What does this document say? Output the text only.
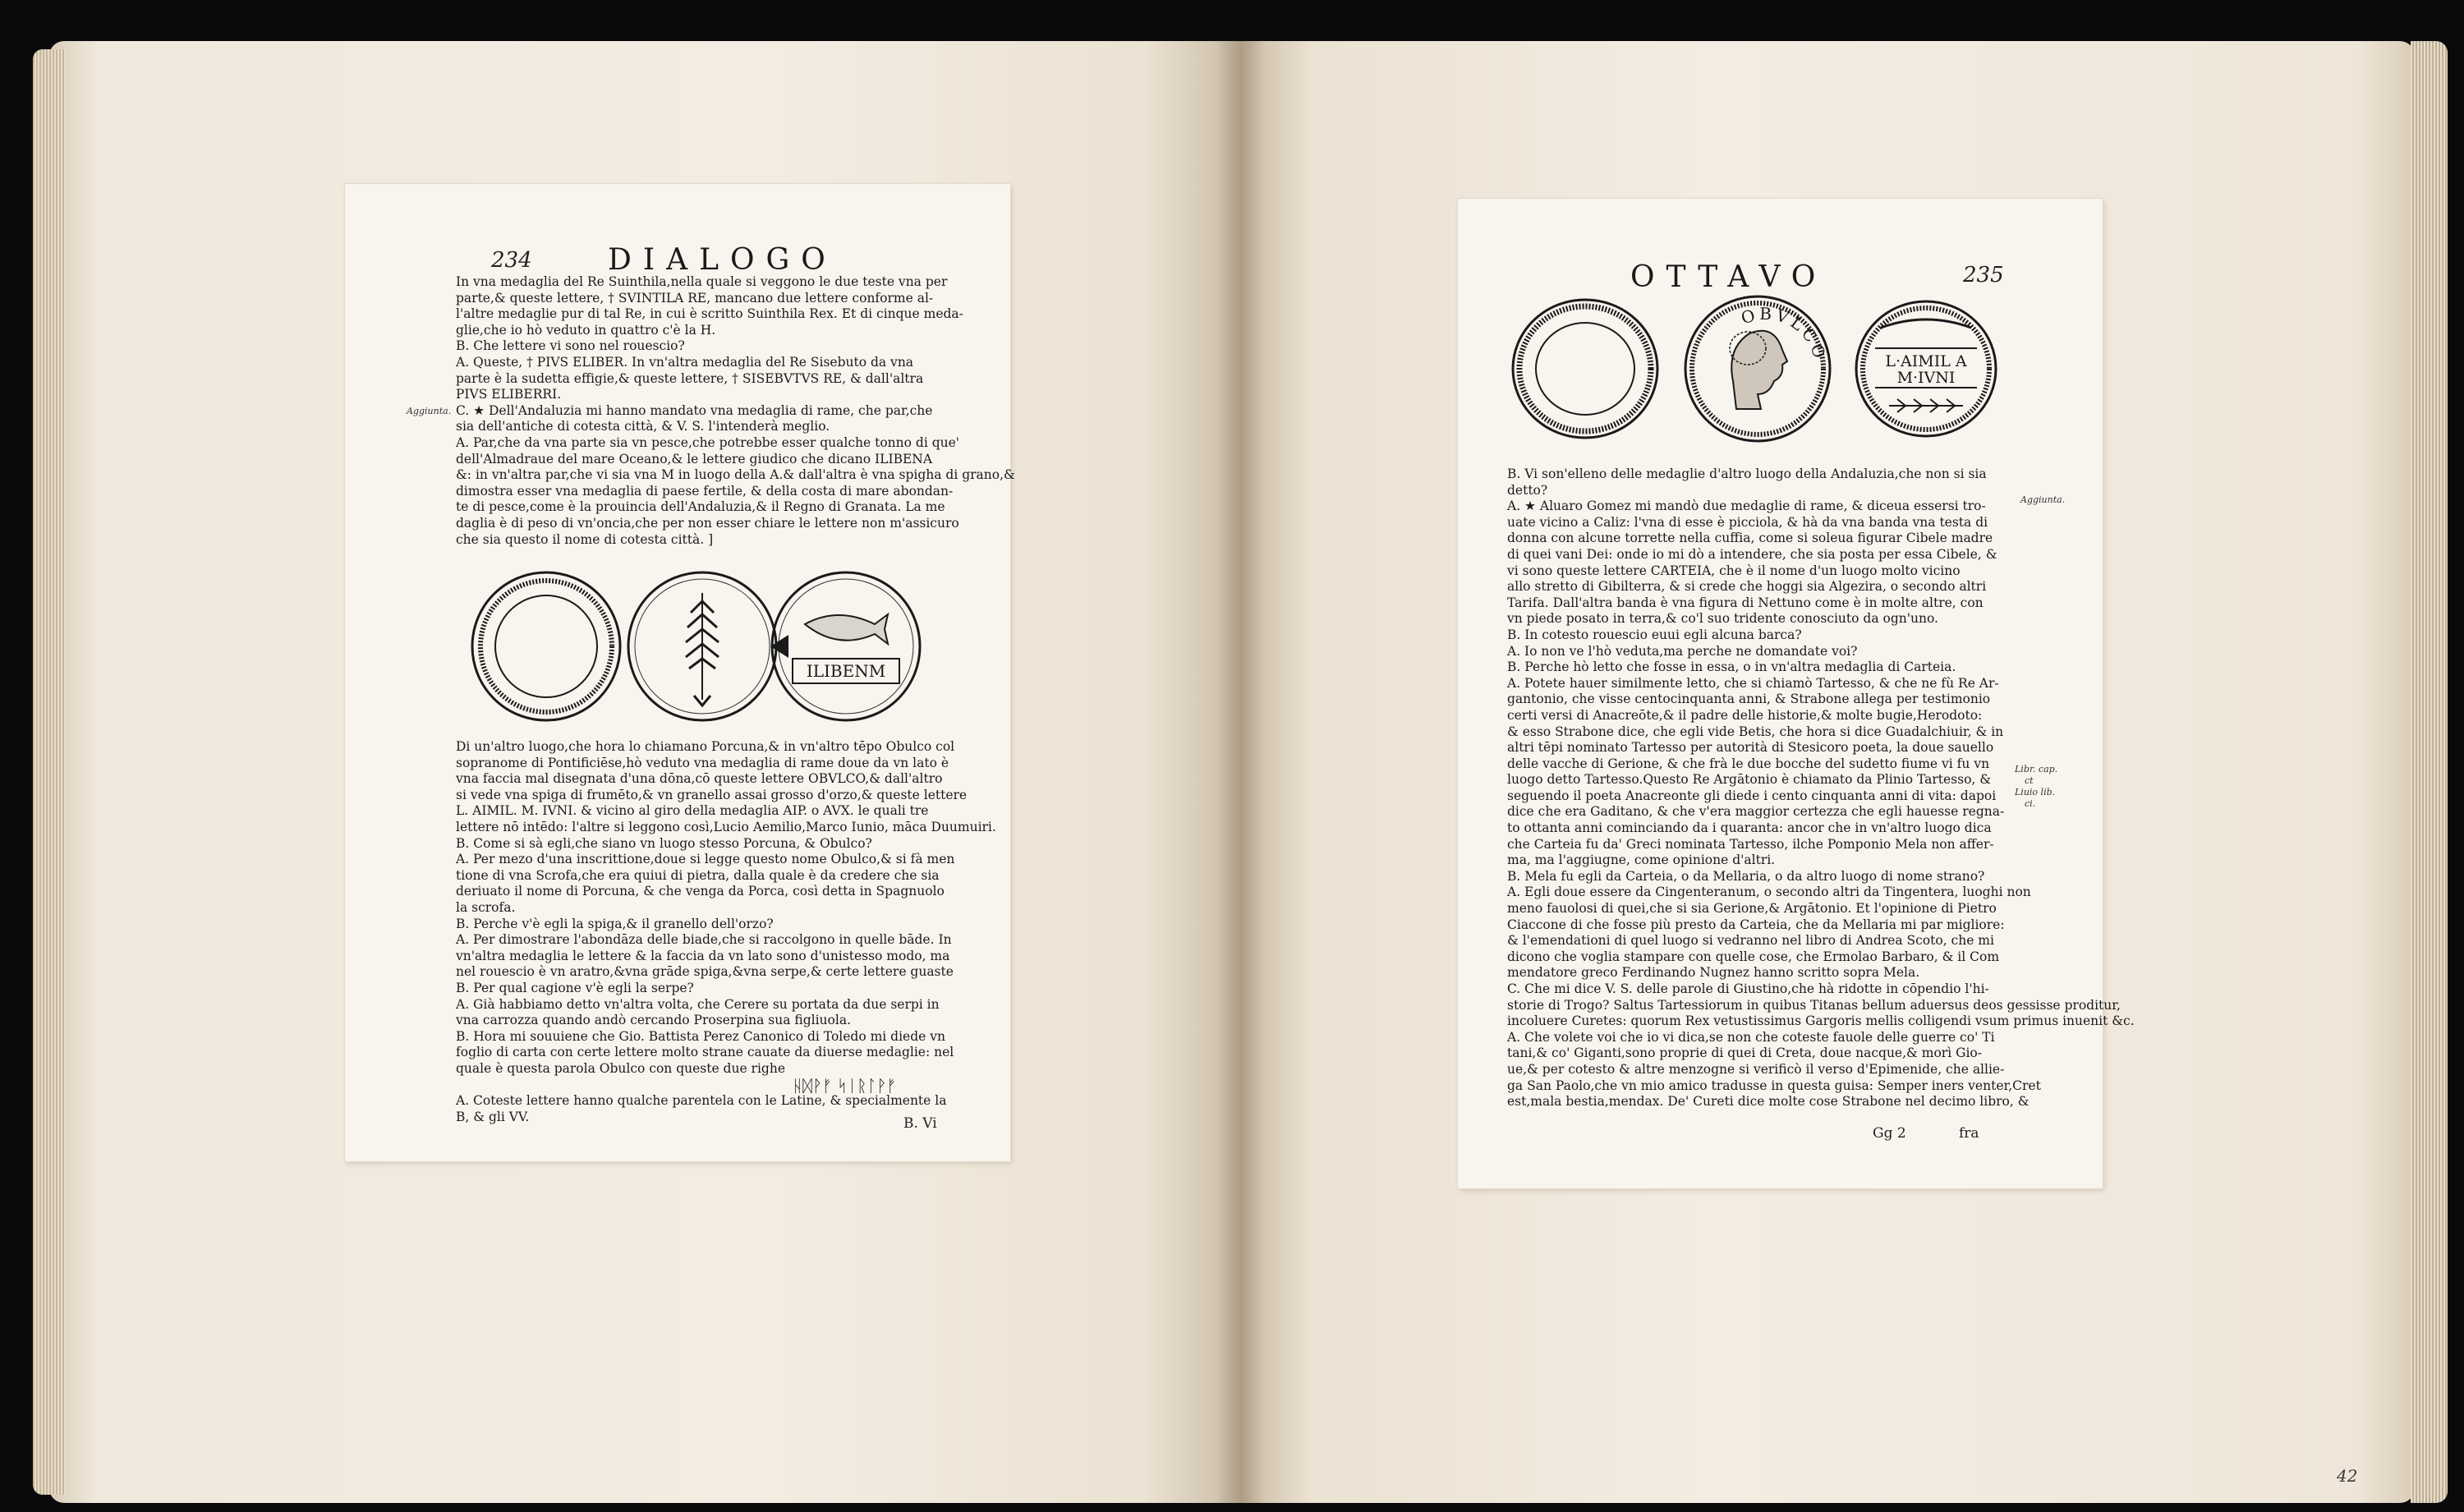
234	DIALOGO
Aggiunta.

In vna medaglia del Re Suinthila,nella quale si veggono le due teste vna per

parte,& queste lettere, † SVINTILA RE, mancano due lettere conforme al-

l'altre medaglie pur di tal Re, in cui è scritto Suinthila Rex. Et di cinque meda-

glie,che io hò veduto in quattro c'è la H.

B. Che lettere vi sono nel rouescio?

A. Queste, † PIVS ELIBER. In vn'altra medaglia del Re Sisebuto da vna

parte è la sudetta effigie,& queste lettere, † SISEBVTVS RE, & dall'altra

PIVS ELIBERRI.

C. ★ Dell'Andaluzia mi hanno mandato vna medaglia di rame, che par,che

sia dell'antiche di cotesta città, & V. S. l'intenderà meglio.

A. Par,che da vna parte sia vn pesce,che potrebbe esser qualche tonno di que'

dell'Almadraue del mare Oceano,& le lettere giudico che dicano ILIBENA

&: in vn'altra par,che vi sia vna M in luogo della A.& dall'altra è vna spigha di grano,&

dimostra esser vna medaglia di paese fertile, & della costa di mare abondan-

te di pesce,come è la prouincia dell'Andaluzia,& il Regno di Granata. La me

daglia è di peso di vn'oncia,che per non esser chiare le lettere non m'assicuro

che sia questo il nome di cotesta città. ]

ILIBENM

Di un'altro luogo,che hora lo chiamano Porcuna,& in vn'altro tēpo Obulco col

sopranome di Pontificiēse,hò veduto vna medaglia di rame doue da vn lato è

vna faccia mal disegnata d'una dōna,cō queste lettere OBVLCO,& dall'altro

si vede vna spiga di frumēto,& vn granello assai grosso d'orzo,& queste lettere

L. AIMIL. M. IVNI. & vicino al giro della medaglia AIP. o AVX. le quali tre

lettere nō intēdo: l'altre si leggono così,Lucio Aemilio,Marco Iunio, māca Duumuiri.

B. Come si sà egli,che siano vn luogo stesso Porcuna, & Obulco?

A. Per mezo d'una inscrittione,doue si legge questo nome Obulco,& si fà men

tione di vna Scrofa,che era quiui di pietra, dalla quale è da credere che sia

deriuato il nome di Porcuna, & che venga da Porca, così detta in Spagnuolo

la scrofa.

B. Perche v'è egli la spiga,& il granello dell'orzo?

A. Per dimostrare l'abondāza delle biade,che si raccolgono in quelle bāde. In

vn'altra medaglia le lettere & la faccia da vn lato sono d'unistesso modo, ma

nel rouescio è vn aratro,&vna grāde spiga,&vna serpe,& certe lettere guaste

B. Per qual cagione v'è egli la serpe?

A. Già habbiamo detto vn'altra volta, che Cerere su portata da due serpi in

vna carrozza quando andò cercando Proserpina sua figliuola.

B. Hora mi souuiene che Gio. Battista Perez Canonico di Toledo mi diede vn

foglio di carta con certe lettere molto strane cauate da diuerse medaglie: nel

quale è questa parola Obulco con queste due righe

A. Coteste lettere hanno qualche parentela con le Latine, & specialmente la

B, & gli VV.

ᚺᛞᚹᚠ ᛋᛁᚱᛚᚹᚠ
B. Vi
OTTAVO	235
OBVLCO	L·AIMIL A
M·IVNI
Aggiunta.
Libr. cap.
ct
Liuio lib.
ci.

B. Vi son'elleno delle medaglie d'altro luogo della Andaluzia,che non si sia

detto?

A. ★ Aluaro Gomez mi mandò due medaglie di rame, & diceua essersi tro-

uate vicino a Caliz: l'vna di esse è picciola, & hà da vna banda vna testa di

donna con alcune torrette nella cuffia, come si soleua figurar Cibele madre

di quei vani Dei: onde io mi dò a intendere, che sia posta per essa Cibele, &

vi sono queste lettere CARTEIA, che è il nome d'un luogo molto vicino

allo stretto di Gibilterra, & si crede che hoggi sia Algezira, o secondo altri

Tarifa. Dall'altra banda è vna figura di Nettuno come è in molte altre, con

vn piede posato in terra,& co'l suo tridente conosciuto da ogn'uno.

B. In cotesto rouescio euui egli alcuna barca?

A. Io non ve l'hò veduta,ma perche ne domandate voi?

B. Perche hò letto che fosse in essa, o in vn'altra medaglia di Carteia.

A. Potete hauer similmente letto, che si chiamò Tartesso, & che ne fù Re Ar-

gantonio, che visse centocinquanta anni, & Strabone allega per testimonio

certi versi di Anacreōte,& il padre delle historie,& molte bugie,Herodoto:

& esso Strabone dice, che egli vide Betis, che hora si dice Guadalchiuir, & in

altri tēpi nominato Tartesso per autorità di Stesicoro poeta, la doue sauello

delle vacche di Gerione, & che frà le due bocche del sudetto fiume vi fu vn

luogo detto Tartesso.Questo Re Argātonio è chiamato da Plinio Tartesso, &

seguendo il poeta Anacreonte gli diede i cento cinquanta anni di vita: dapoi

dice che era Gaditano, & che v'era maggior certezza che egli hauesse regna-

to ottanta anni cominciando da i quaranta: ancor che in vn'altro luogo dica

che Carteia fu da' Greci nominata Tartesso, ilche Pomponio Mela non affer-

ma, ma l'aggiugne, come opinione d'altri.

B. Mela fu egli da Carteia, o da Mellaria, o da altro luogo di nome strano?

A. Egli doue essere da Cingenteranum, o secondo altri da Tingentera, luoghi non

meno fauolosi di quei,che si sia Gerione,& Argātonio. Et l'opinione di Pietro

Ciaccone di che fosse più presto da Carteia, che da Mellaria mi par migliore:

& l'emendationi di quel luogo si vedranno nel libro di Andrea Scoto, che mi

dicono che voglia stampare con quelle cose, che Ermolao Barbaro, & il Com

mendatore greco Ferdinando Nugnez hanno scritto sopra Mela.

C. Che mi dice V. S. delle parole di Giustino,che hà ridotte in cōpendio l'hi-

storie di Trogo? Saltus Tartessiorum in quibus Titanas bellum aduersus deos gessisse proditur,

incoluere Curetes: quorum Rex vetustissimus Gargoris mellis colligendi vsum primus inuenit &c.

A. Che volete voi che io vi dica,se non che coteste fauole delle guerre co' Ti

tani,& co' Giganti,sono proprie di quei di Creta, doue nacque,& morì Gio-

ue,& per cotesto & altre menzogne si verificò il verso d'Epimenide, che allie-

ga San Paolo,che vn mio amico tradusse in questa guisa: Semper iners venter,Cret

est,mala bestia,mendax. De' Cureti dice molte cose Strabone nel decimo libro, &

Gg 2	fra
42
